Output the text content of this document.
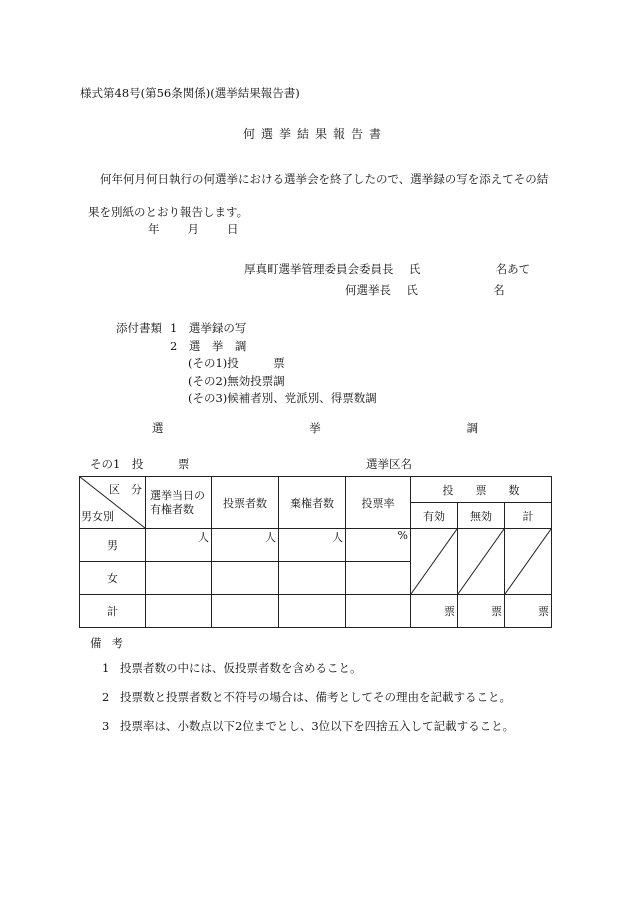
様式第48号(第56条関係)(選挙結果報告書)
何選挙結果報告書
何年何月何日執行の何選挙における選挙会を終了したので、選挙録の写を添えてその結果を別紙のとおり報告します。
年 月 日
厚真町選挙管理委員会委員長 氏	名あて
何選挙長 氏	名
添付書類 1　選挙録の写
2　選　挙　調
(その1)投　　　票
(その2)無効投票調
(その3)候補者別、党派別、得票数調
選	挙	調
その1　投　　　票	選挙区名
区　分
男女別	選挙当日の有権者数	投票者数	棄権者数	投票率	投　　票　　数		
					有効	無効	計
男	人	人	人	%	

女							
計					票	票	票
備考
1 投票者数の中には、仮投票者数を含めること。
2 投票数と投票者数と不符号の場合は、備考としてその理由を記載すること。
3 投票率は、小数点以下2位までとし、3位以下を四捨五入して記載すること。
